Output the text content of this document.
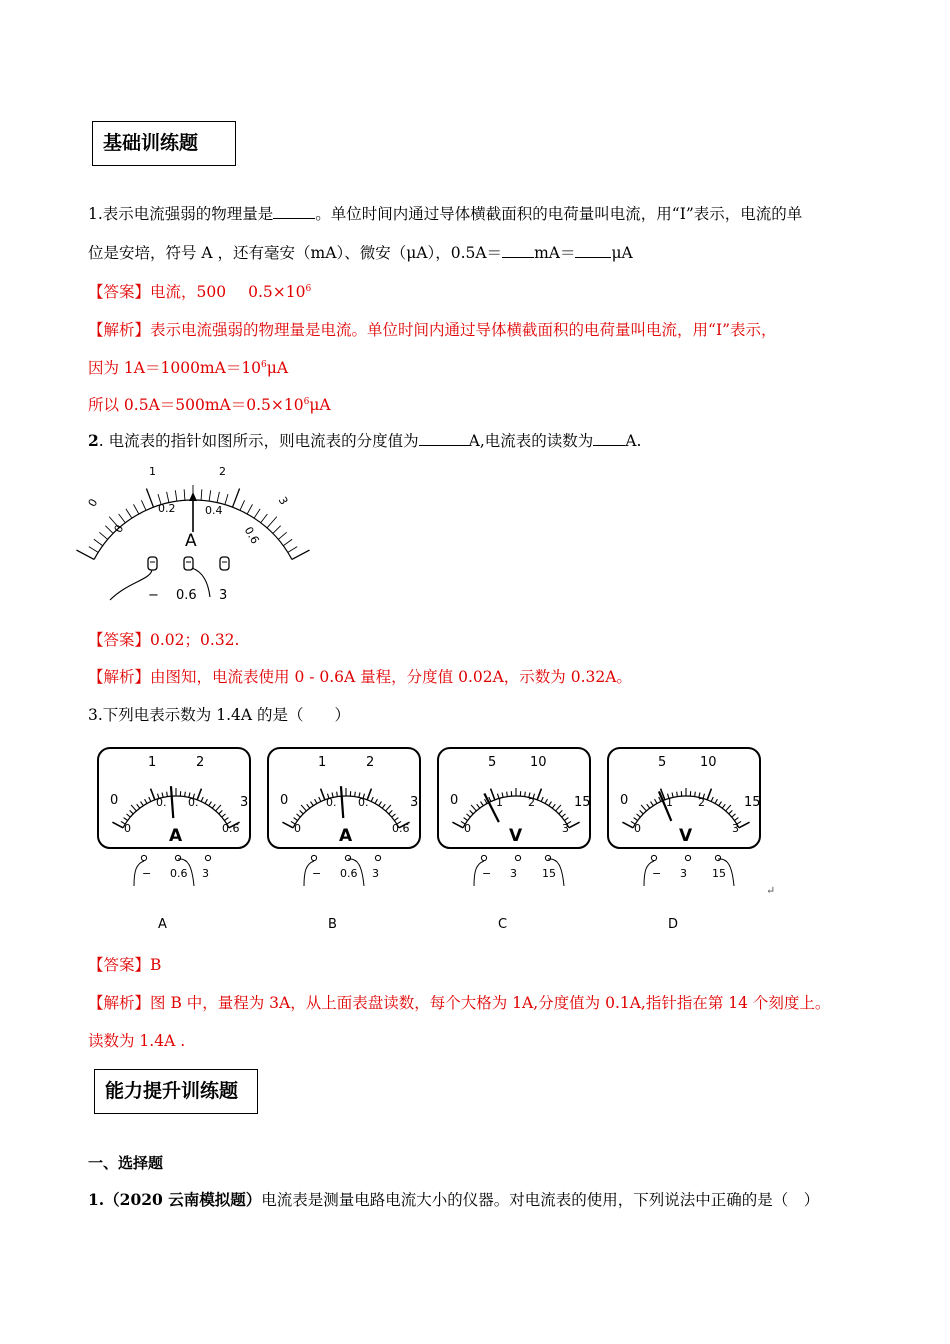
基础训练题
1.表示电流强弱的物理量是	。单位时间内通过导体横截面积的电荷量叫电流，用“I”表示，电流的单
位是安培，符号 A ，还有毫安（mA）、微安（μA），0.5A＝ mA＝ μA
【答案】电流，500 $0.5\times 10^6$
【解析】表示电流强弱的物理量是电流。单位时间内通过导体横截面积的电荷量叫电流，用“I”表示，
因为 $1A=1000mA=10^6\mu A$
所以 $0.5A=500mA=0.5\times 10^6\mu A$
2. 电流表的指针如图所示，则电流表的分度值为	A,电流表的读数为 A.
0
1	2
3
0
0.2	0.4
0.6
A
− 0.6 3
【答案】0.02；0.32.
【解析】由图知，电流表使用 0 - 0.6A 量程，分度值 0.02A，示数为 0.32A。
3.下列电表示数为 1.4A 的是（　　）
0
1	2
3
0. 0.
0	0.6
A
− 0.6 3
A
0
1	2
3
0. 0.
0	0.6
A
− 0.6 3
B
0
5	10
15
1 2
0	3
V
− 3 15
C
0
5	10
15
1 2
0	3
V
− 3 15
D
↵
【答案】B
【解析】图 B 中，量程为 3A，从上面表盘读数，每个大格为 1A,分度值为 0.1A,指针指在第 14 个刻度上。
读数为 1.4A .
能力提升训练题
一、选择题
1.（2020 云南模拟题）电流表是测量电路电流大小的仪器。对电流表的使用，下列说法中正确的是（　）
